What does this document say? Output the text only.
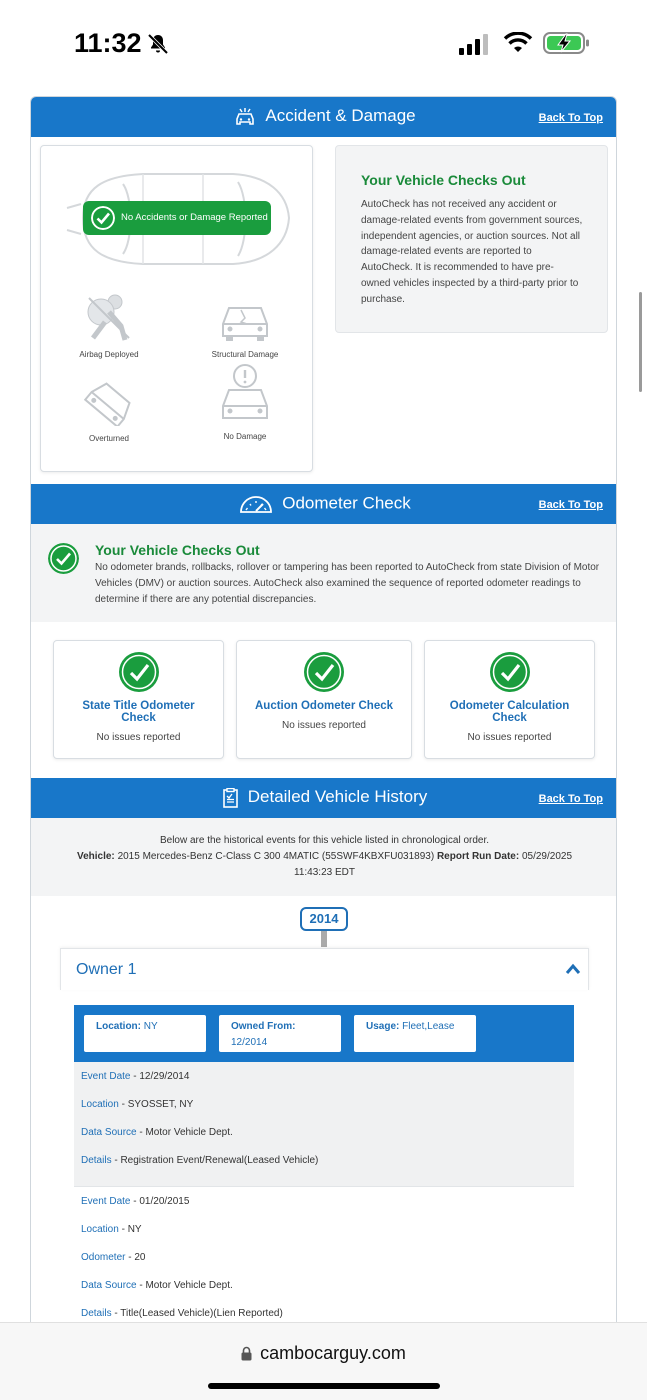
11:32
Accident & Damage	Back To Top
No Accidents or Damage Reported
Airbag Deployed	Structural Damage
Overturned	No Damage
Your Vehicle Checks Out

AutoCheck has not received any accident or damage-related events from government sources, independent agencies, or auction sources. Not all damage-related events are reported to AutoCheck. It is recommended to have pre-owned vehicles inspected by a third-party prior to purchase.

Odometer Check	Back To Top
Your Vehicle Checks Out

No odometer brands, rollbacks, rollover or tampering has been reported to AutoCheck from state Division of Motor Vehicles (DMV) or auction sources. AutoCheck also examined the sequence of reported odometer readings to determine if there are any potential discrepancies.

State Title Odometer Check
No issues reported
Auction Odometer Check
No issues reported
Odometer Calculation Check
No issues reported
Detailed Vehicle History	Back To Top
Below are the historical events for this vehicle listed in chronological order.
Vehicle: 2015 Mercedes-Benz C-Class C 300 4MATIC (55SWF4KBXFU031893) Report Run Date: 05/29/2025 11:43:23 EDT
2014
Owner 1
Location: NY	Owned From:
12/2014
Usage: Fleet,Lease
Event Date - 12/29/2014
Location - SYOSSET, NY
Data Source - Motor Vehicle Dept.
Details - Registration Event/Renewal(Leased Vehicle)
Event Date - 01/20/2015
Location - NY
Odometer - 20
Data Source - Motor Vehicle Dept.
Details - Title(Leased Vehicle)(Lien Reported)
cambocarguy.com
